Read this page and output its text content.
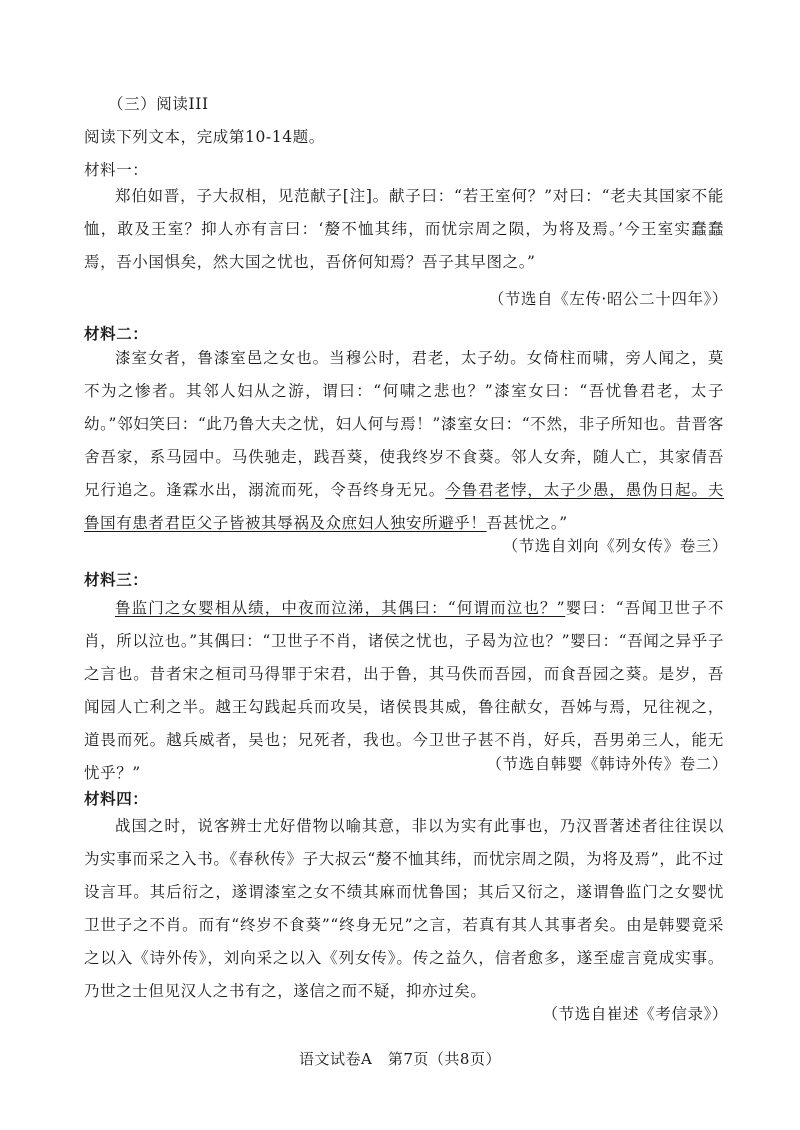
（三）阅读III
阅读下列文本，完成第10-14题。
材料一：
郑伯如晋，子大叔相，见范献子[注]。献子曰：“若王室何？”对曰：“老夫其国家不能恤，敢及王室？抑人亦有言曰：‘嫠不恤其纬，而忧宗周之陨，为将及焉。’今王室实蠢蠢焉，吾小国惧矣，然大国之忧也，吾侪何知焉？吾子其早图之。”
（节选自《左传·昭公二十四年》）
材料二：
漆室女者，鲁漆室邑之女也。当穆公时，君老，太子幼。女倚柱而啸，旁人闻之，莫不为之惨者。其邻人妇从之游，谓曰：“何啸之悲也？”漆室女曰：“吾忧鲁君老，太子幼。”邻妇笑曰：“此乃鲁大夫之忧，妇人何与焉！”漆室女曰：“不然，非子所知也。昔晋客舍吾家，系马园中。马佚驰走，践吾葵，使我终岁不食葵。邻人女奔，随人亡，其家倩吾兄行追之。逢霖水出，溺流而死，令吾终身无兄。今鲁君老悖，太子少愚，愚伪日起。夫鲁国有患者君臣父子皆被其辱祸及众庶妇人独安所避乎！吾甚忧之。”
（节选自刘向《列女传》卷三）
材料三：
鲁监门之女婴相从绩，中夜而泣涕，其偶曰：“何谓而泣也？”婴曰：“吾闻卫世子不肖，所以泣也。”其偶曰：“卫世子不肖，诸侯之忧也，子曷为泣也？”婴曰：“吾闻之异乎子之言也。昔者宋之桓司马得罪于宋君，出于鲁，其马佚而吾园，而食吾园之葵。是岁，吾闻园人亡利之半。越王勾践起兵而攻吴，诸侯畏其威，鲁往献女，吾姊与焉，兄往视之，道畏而死。越兵威者，吴也；兄死者，我也。今卫世子甚不肖，好兵，吾男弟三人，能无忧乎？”	（节选自韩婴《韩诗外传》卷二）
材料四：
战国之时，说客辨士尤好借物以喻其意，非以为实有此事也，乃汉晋著述者往往误以为实事而采之入书。《春秋传》子大叔云“嫠不恤其纬，而忧宗周之陨，为将及焉”，此不过设言耳。其后衍之，遂谓漆室之女不绩其麻而忧鲁国；其后又衍之，遂谓鲁监门之女婴忧卫世子之不肖。而有“终岁不食葵”“终身无兄”之言，若真有其人其事者矣。由是韩婴竟采之以入《诗外传》，刘向采之以入《列女传》。传之益久，信者愈多，遂至虚言竟成实事。乃世之士但见汉人之书有之，遂信之而不疑，抑亦过矣。
（节选自崔述《考信录》）
语文试卷A　第7页（共8页）
